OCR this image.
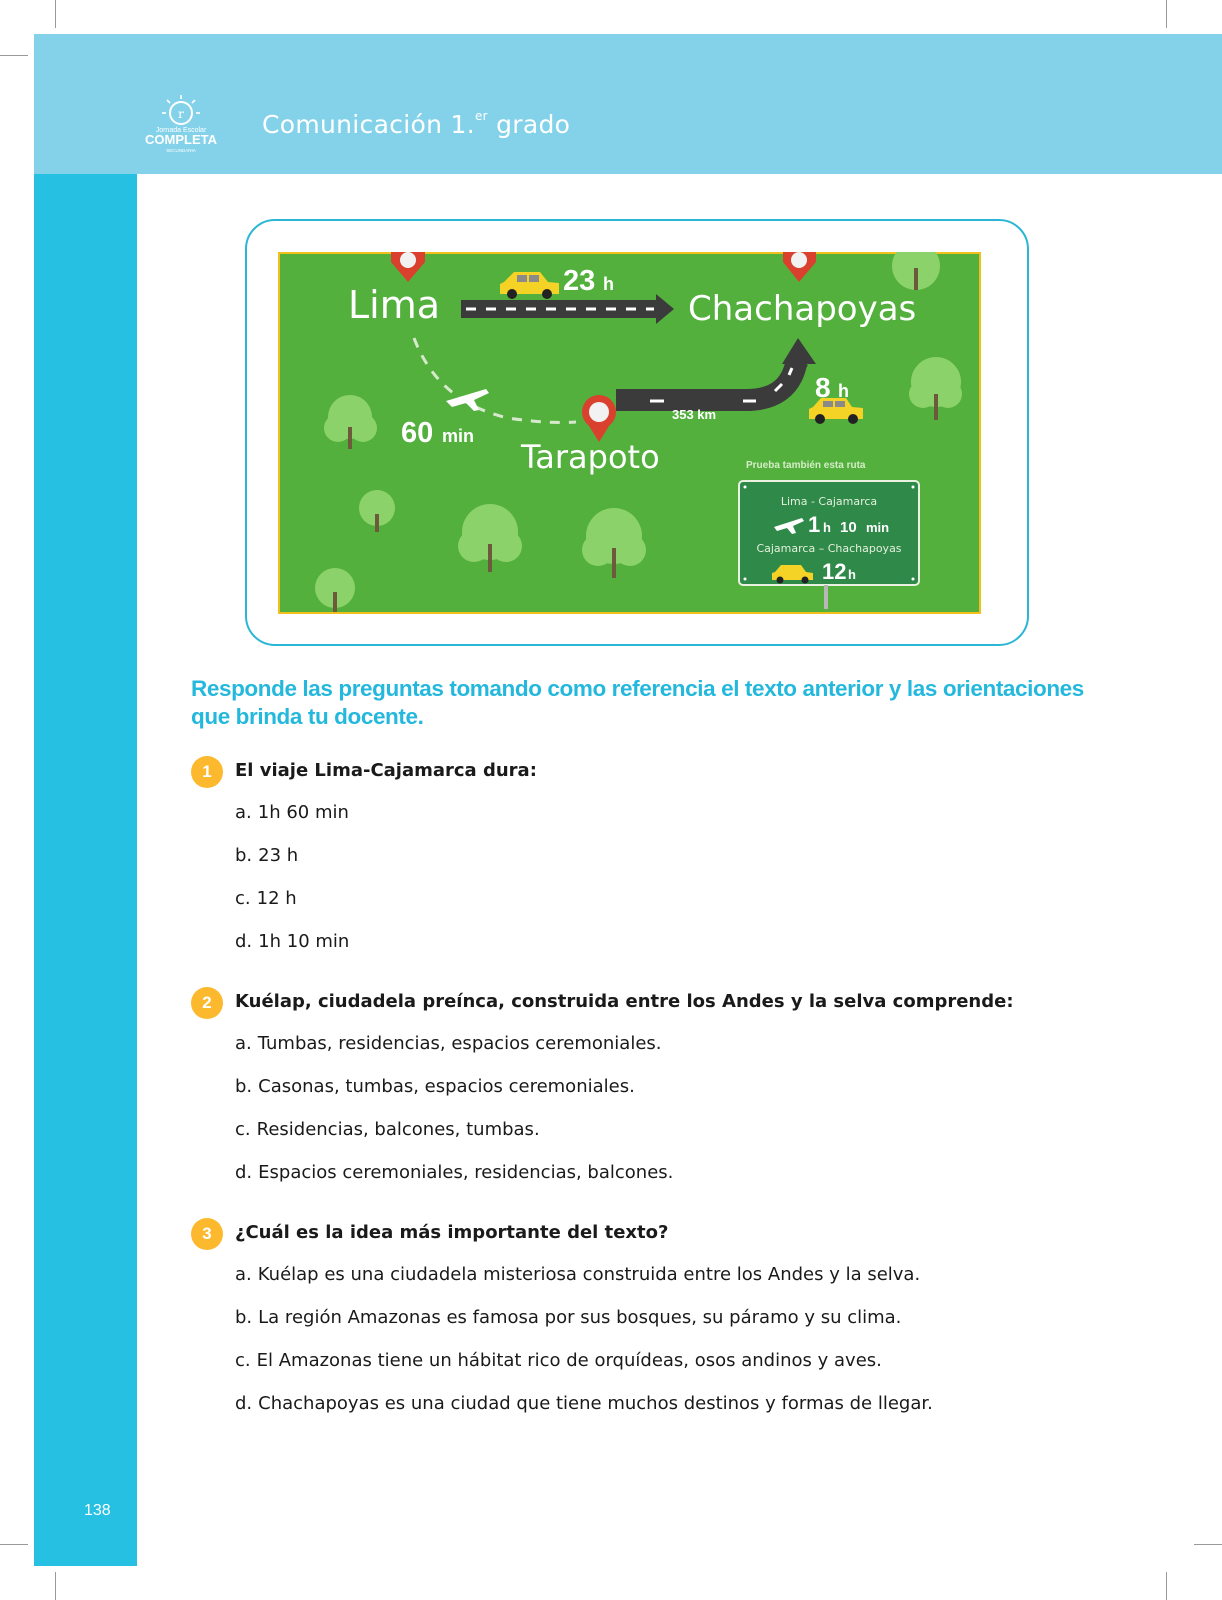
r
Jornada Escolar
COMPLETA
SECUNDARIA
Comunicación 1.$^{er}$ grado
Lima	Chachapoyas
Tarapoto
23 h
60 min
8 h
353 km
Prueba también esta ruta
Lima - Cajamarca
1 h 10 min
Cajamarca – Chachapoyas
12 h
Responde las preguntas tomando como referencia el texto anterior y las orientaciones que brinda tu docente.
1	El viaje Lima-Cajamarca dura:
a. 1h 60 min
b. 23 h
c. 12 h
d. 1h 10 min
2	Kuélap, ciudadela preínca, construida entre los Andes y la selva comprende:
a. Tumbas, residencias, espacios ceremoniales.
b. Casonas, tumbas, espacios ceremoniales.
c. Residencias, balcones, tumbas.
d. Espacios ceremoniales, residencias, balcones.
3	¿Cuál es la idea más importante del texto?
a. Kuélap es una ciudadela misteriosa construida entre los Andes y la selva.
b. La región Amazonas es famosa por sus bosques, su páramo y su clima.
c. El Amazonas tiene un hábitat rico de orquídeas, osos andinos y aves.
d. Chachapoyas es una ciudad que tiene muchos destinos y formas de llegar.
138
